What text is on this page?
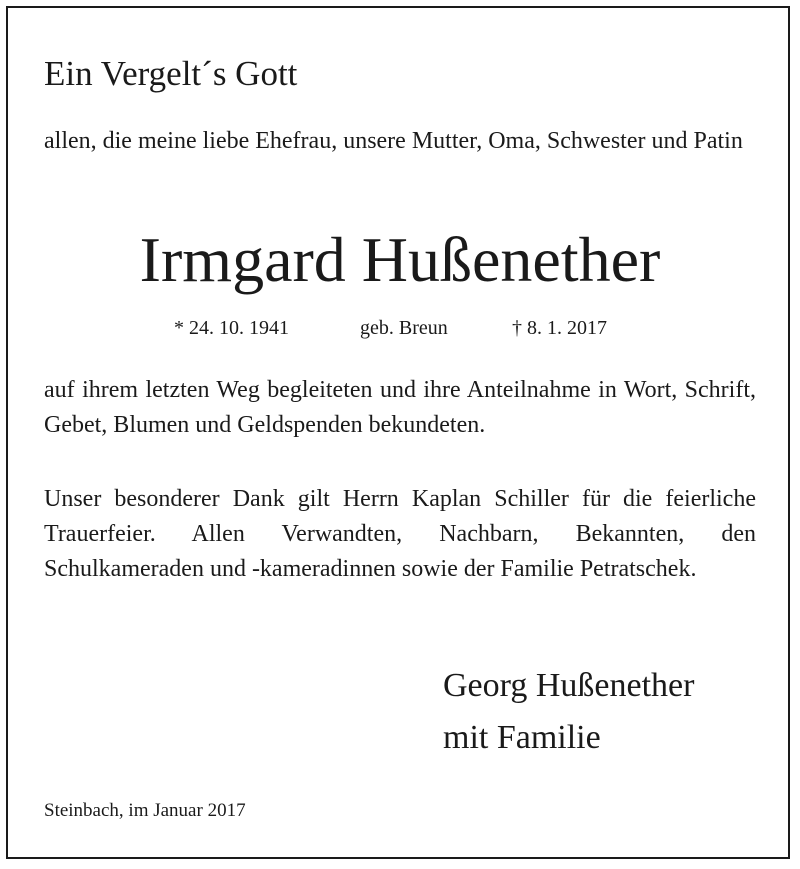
Ein Vergelt´s Gott

allen, die meine liebe Ehefrau, unsere Mutter, Oma, Schwester und Patin

Irmgard Hußenether
* 24. 10. 1941	geb. Breun	† 8. 1. 2017

auf ihrem letzten Weg begleiteten und ihre Anteilnahme in Wort, Schrift, Gebet, Blumen und Geldspenden bekundeten.

Unser besonderer Dank gilt Herrn Kaplan Schiller für die feierliche Trauerfeier. Allen Verwandten, Nachbarn, Bekannten, den Schulkameraden und -kameradinnen sowie der Familie Petratschek.

Georg Hußenether
mit Familie
Steinbach, im Januar 2017
